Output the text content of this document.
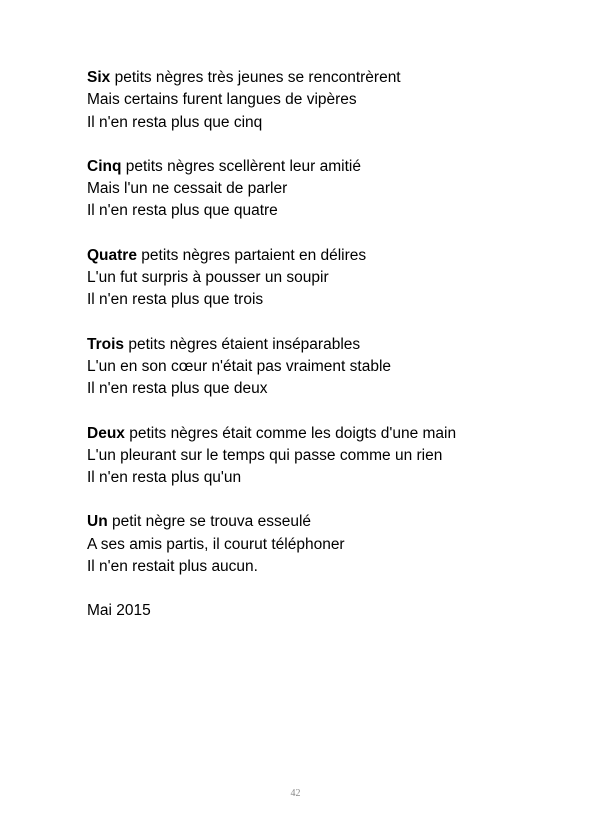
Six petits nègres très jeunes se rencontrèrent
Mais certains furent langues de vipères
Il n'en resta plus que cinq
Cinq petits nègres scellèrent leur amitié
Mais l'un ne cessait de parler
Il n'en resta plus que quatre
Quatre petits nègres partaient en délires
L'un fut surpris à pousser un soupir
Il n'en resta plus que trois
Trois petits nègres étaient inséparables
L'un en son cœur n'était pas vraiment stable
Il n'en resta plus que deux
Deux petits nègres était comme les doigts d'une main
L'un pleurant sur le temps qui passe comme un rien
Il n'en resta plus qu'un
Un petit nègre se trouva esseulé
A ses amis partis, il courut téléphoner
Il n'en restait plus aucun.
Mai 2015
42
